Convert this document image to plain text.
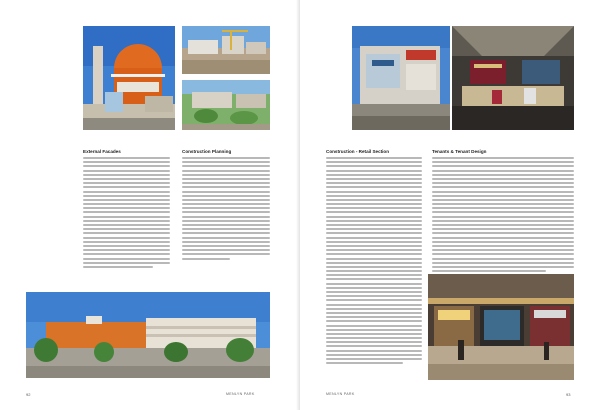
External Facades	Construction Planning
92	MENLYN PARK
Construction - Retail Section	Tenants & Tenant Design
MENLYN PARK	93
